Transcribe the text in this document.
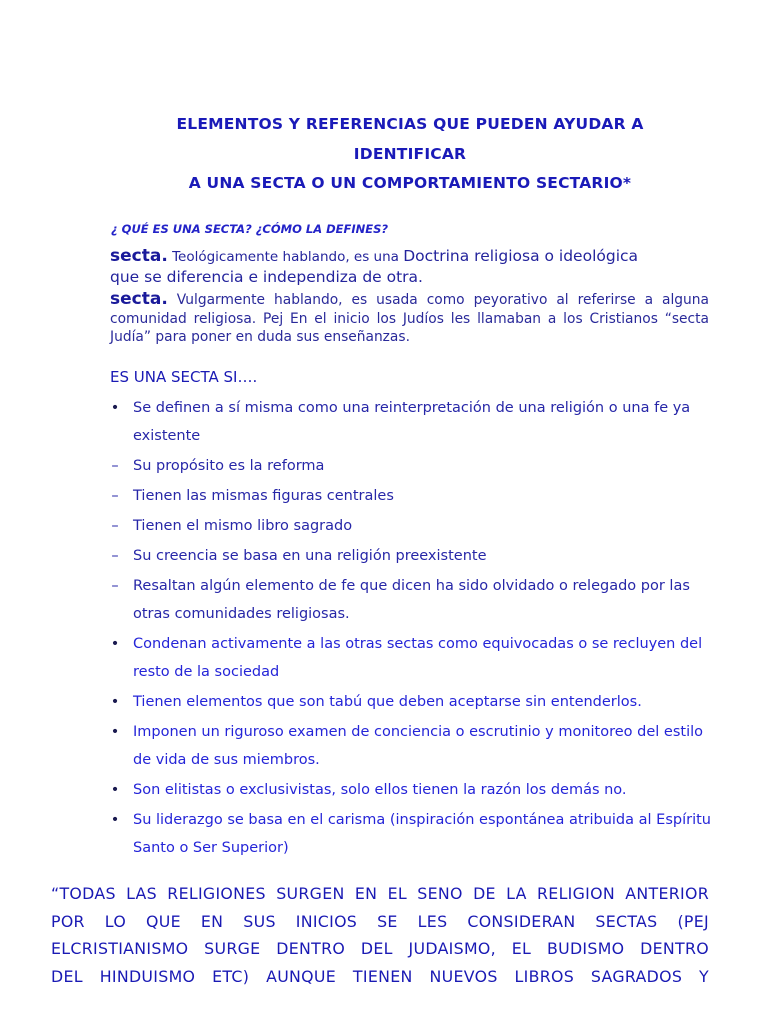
ELEMENTOS Y REFERENCIAS QUE PUEDEN AYUDAR A
IDENTIFICAR
A UNA SECTA O UN COMPORTAMIENTO SECTARIO*
¿ QUÉ ES UNA SECTA? ¿CÓMO LA DEFINES?
secta. Teológicamente hablando, es una Doctrina religiosa o ideológica
que se diferencia e independiza de otra.
secta. Vulgarmente hablando, es usada como peyorativo al referirse a alguna comunidad religiosa. Pej En el inicio los Judíos les llamaban a los Cristianos “secta Judía” para poner en duda sus enseñanzas.
ES UNA SECTA SI….
• Se definen a sí misma como una reinterpretación de una religión o una fe ya existente
– Su propósito es la reforma
– Tienen las mismas figuras centrales
– Tienen el mismo libro sagrado
– Su creencia se basa en una religión preexistente
– Resaltan algún elemento de fe que dicen ha sido olvidado o relegado por las otras comunidades religiosas.
• Condenan activamente a las otras sectas como equivocadas o se recluyen del resto de la sociedad
• Tienen elementos que son tabú que deben aceptarse sin entenderlos.
• Imponen un riguroso examen de conciencia o escrutinio y monitoreo del estilo de vida de sus miembros.
• Son elitistas o exclusivistas, solo ellos tienen la razón los demás no.
• Su liderazgo se basa en el carisma (inspiración espontánea atribuida al Espíritu Santo o Ser Superior)
“TODAS LAS RELIGIONES SURGEN EN EL SENO DE LA RELIGION ANTERIOR
POR LO QUE EN SUS INICIOS SE LES CONSIDERAN SECTAS (PEJ
ELCRISTIANISMO SURGE DENTRO DEL JUDAISMO, EL BUDISMO DENTRO
DEL HINDUISMO ETC) AUNQUE TIENEN NUEVOS LIBROS SAGRADOS Y
